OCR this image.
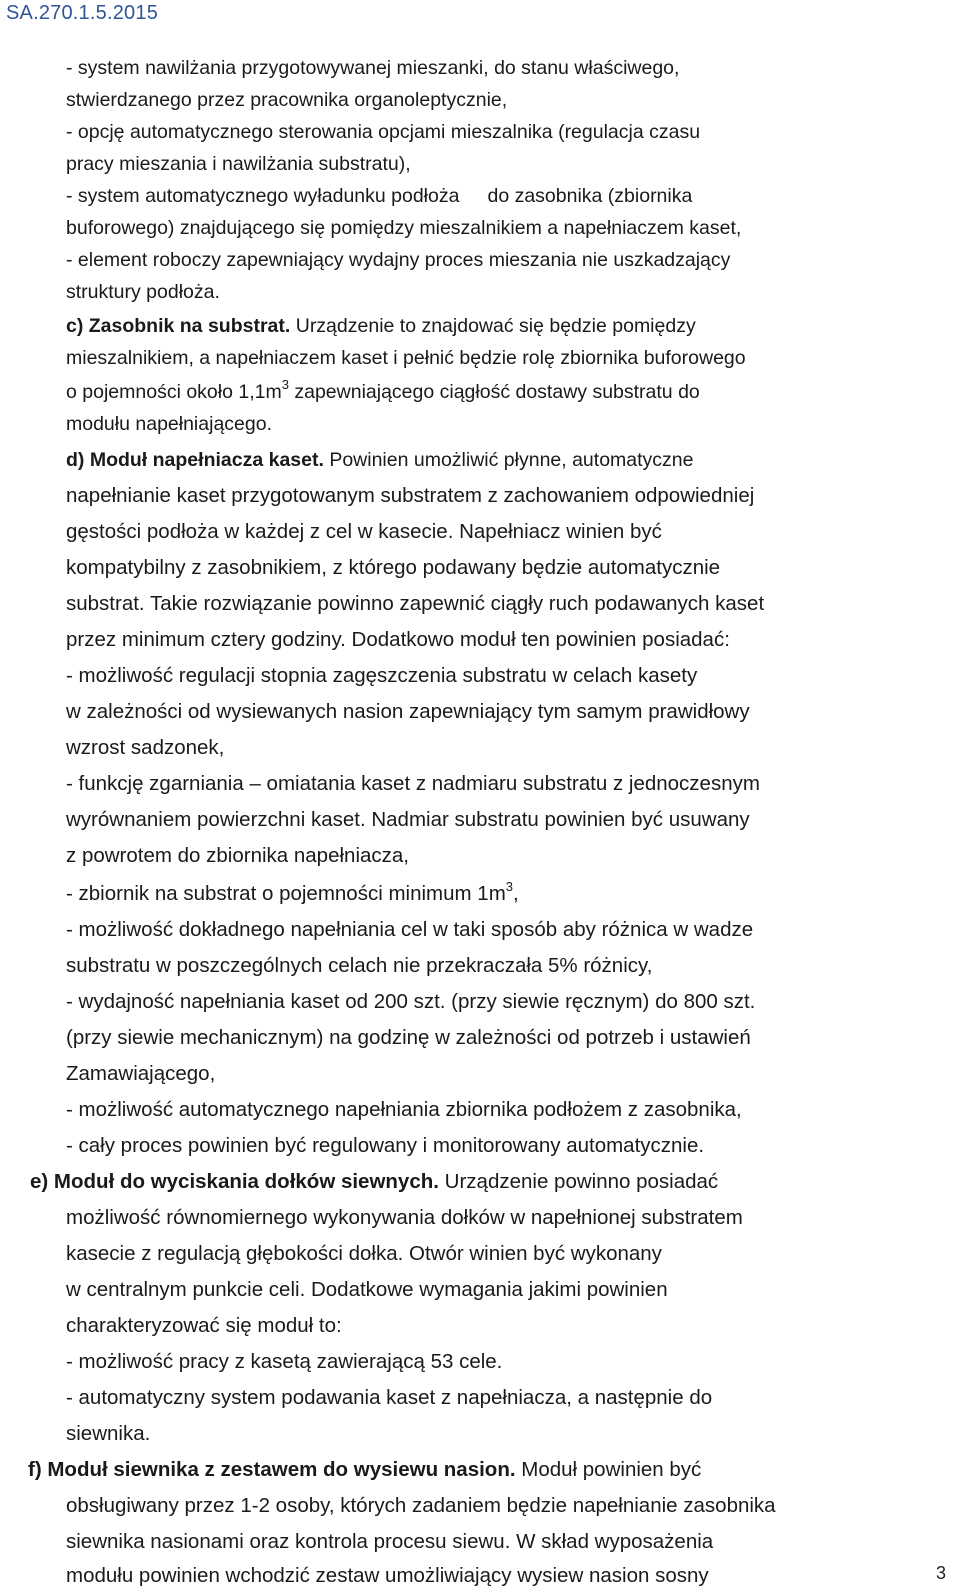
SA.270.1.5.2015
- system nawilżania przygotowywanej mieszanki, do stanu właściwego,
stwierdzanego przez pracownika organoleptycznie,
- opcję automatycznego sterowania opcjami mieszalnika (regulacja czasu
pracy mieszania i nawilżania substratu),
- system automatycznego wyładunku podłoża do zasobnika (zbiornika
buforowego) znajdującego się pomiędzy mieszalnikiem a napełniaczem kaset,
- element roboczy zapewniający wydajny proces mieszania nie uszkadzający
struktury podłoża.
c) Zasobnik na substrat. Urządzenie to znajdować się będzie pomiędzy
mieszalnikiem, a napełniaczem kaset i pełnić będzie rolę zbiornika buforowego
o pojemności około $1,1m^3$ zapewniającego ciągłość dostawy substratu do
modułu napełniającego.
d) Moduł napełniacza kaset. Powinien umożliwić płynne, automatyczne
napełnianie kaset przygotowanym substratem z zachowaniem odpowiedniej
gęstości podłoża w każdej z cel w kasecie. Napełniacz winien być
kompatybilny z zasobnikiem, z którego podawany będzie automatycznie
substrat. Takie rozwiązanie powinno zapewnić ciągły ruch podawanych kaset
przez minimum cztery godziny. Dodatkowo moduł ten powinien posiadać:
- możliwość regulacji stopnia zagęszczenia substratu w celach kasety
w zależności od wysiewanych nasion zapewniający tym samym prawidłowy
wzrost sadzonek,
- funkcję zgarniania – omiatania kaset z nadmiaru substratu z jednoczesnym
wyrównaniem powierzchni kaset. Nadmiar substratu powinien być usuwany
z powrotem do zbiornika napełniacza,
- zbiornik na substrat o pojemności minimum $1m^3$,
- możliwość dokładnego napełniania cel w taki sposób aby różnica w wadze
substratu w poszczególnych celach nie przekraczała 5% różnicy,
- wydajność napełniania kaset od 200 szt. (przy siewie ręcznym) do 800 szt.
(przy siewie mechanicznym) na godzinę w zależności od potrzeb i ustawień
Zamawiającego,
- możliwość automatycznego napełniania zbiornika podłożem z zasobnika,
- cały proces powinien być regulowany i monitorowany automatycznie.
e) Moduł do wyciskania dołków siewnych. Urządzenie powinno posiadać
możliwość równomiernego wykonywania dołków w napełnionej substratem
kasecie z regulacją głębokości dołka. Otwór winien być wykonany
w centralnym punkcie celi. Dodatkowe wymagania jakimi powinien
charakteryzować się moduł to:
- możliwość pracy z kasetą zawierającą 53 cele.
- automatyczny system podawania kaset z napełniacza, a następnie do
siewnika.
f) Moduł siewnika z zestawem do wysiewu nasion. Moduł powinien być
obsługiwany przez 1-2 osoby, których zadaniem będzie napełnianie zasobnika
siewnika nasionami oraz kontrola procesu siewu. W skład wyposażenia
modułu powinien wchodzić zestaw umożliwiający wysiew nasion sosny	3
